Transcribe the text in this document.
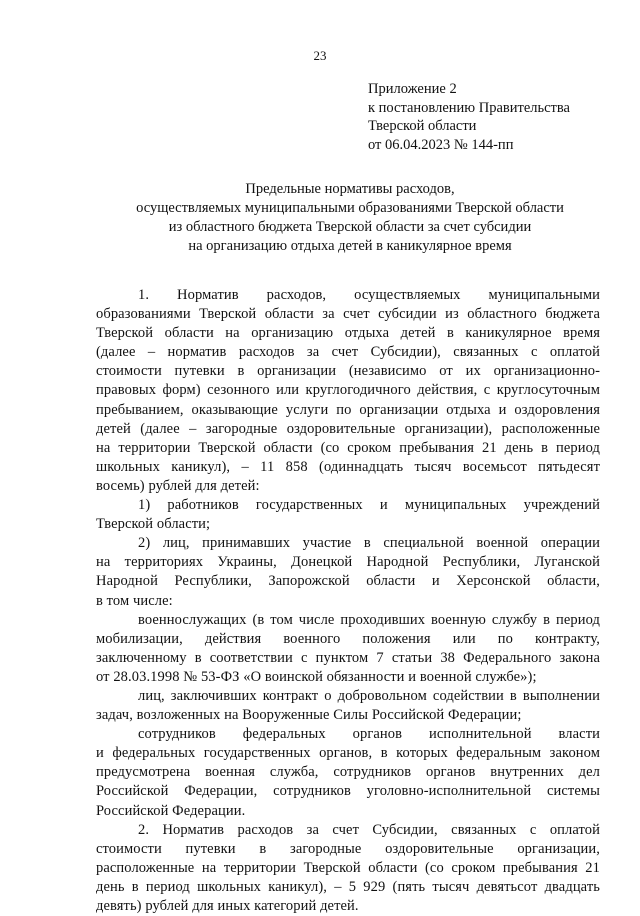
23
Приложение 2
к постановлению Правительства
Тверской области
от 06.04.2023 № 144-пп
Предельные нормативы расходов,
осуществляемых муниципальными образованиями Тверской области
из областного бюджета Тверской области за счет субсидии
на организацию отдыха детей в каникулярное время
1. Норматив расходов, осуществляемых муниципальными
образованиями Тверской области за счет субсидии из областного бюджета
Тверской области на организацию отдыха детей в каникулярное время
(далее – норматив расходов за счет Субсидии), связанных с оплатой
стоимости путевки в организации (независимо от их организационно-
правовых форм) сезонного или круглогодичного действия, с круглосуточным
пребыванием, оказывающие услуги по организации отдыха и оздоровления
детей (далее – загородные оздоровительные организации), расположенные
на территории Тверской области (со сроком пребывания 21 день в период
школьных каникул), – 11 858 (одиннадцать тысяч восемьсот пятьдесят
восемь) рублей для детей:
1) работников государственных и муниципальных учреждений
Тверской области;
2) лиц, принимавших участие в специальной военной операции
на территориях Украины, Донецкой Народной Республики, Луганской
Народной Республики, Запорожской области и Херсонской области,
в том числе:
военнослужащих (в том числе проходивших военную службу в период
мобилизации, действия военного положения или по контракту,
заключенному в соответствии с пунктом 7 статьи 38 Федерального закона
от 28.03.1998 № 53-ФЗ «О воинской обязанности и военной службе»);
лиц, заключивших контракт о добровольном содействии в выполнении
задач, возложенных на Вооруженные Силы Российской Федерации;
сотрудников федеральных органов исполнительной власти
и федеральных государственных органов, в которых федеральным законом
предусмотрена военная служба, сотрудников органов внутренних дел
Российской Федерации, сотрудников уголовно-исполнительной системы
Российской Федерации.
2. Норматив расходов за счет Субсидии, связанных с оплатой
стоимости путевки в загородные оздоровительные организации,
расположенные на территории Тверской области (со сроком пребывания 21
день в период школьных каникул), – 5 929 (пять тысяч девятьсот двадцать
девять) рублей для иных категорий детей.
